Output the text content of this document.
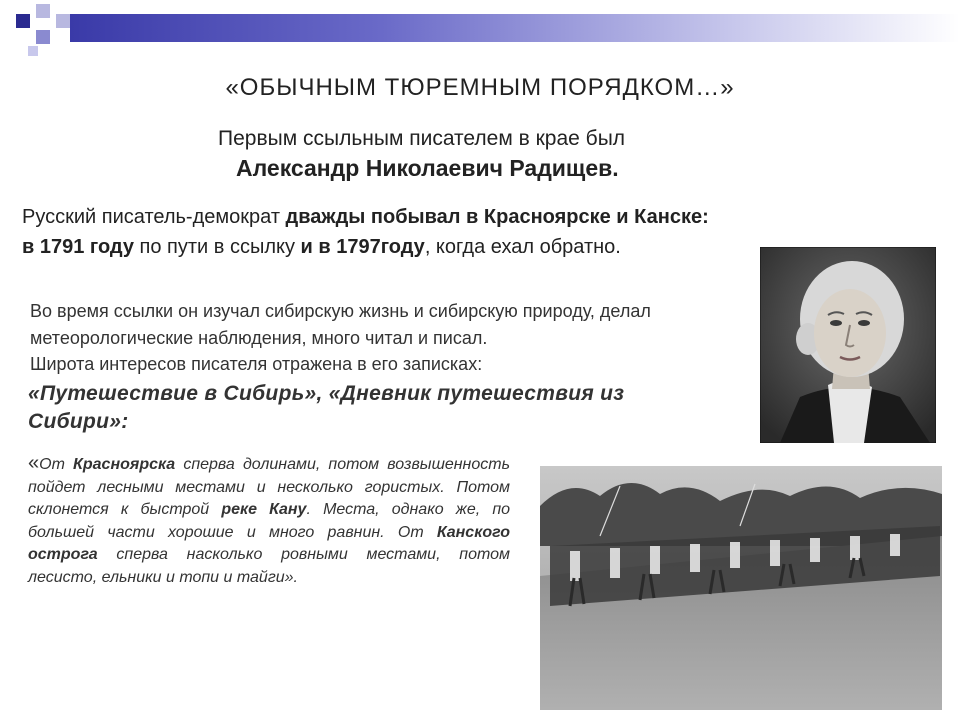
«ОБЫЧНЫМ ТЮРЕМНЫМ ПОРЯДКОМ…»
Первым ссыльным писателем в крае был
Александр Николаевич Радищев.
Русский писатель-демократ дважды побывал в Красноярске и Канске:
в 1791 году по пути в ссылку и в 1797году, когда ехал обратно.
Во время ссылки он изучал сибирскую жизнь и сибирскую природу, делал метеорологические наблюдения, много читал и писал.
Широта интересов писателя отражена в его записках:
«Путешествие в Сибирь», «Дневник путешествия из Сибири»:
«От Красноярска сперва долинами, потом возвышенность пойдет лесными местами и несколько гористых. Потом склонется к быстрой реке Кану. Места, однако же, по большей части хорошие и много равнин. От Канского острога сперва насколько ровными местами, потом лесисто, ельники и топи и тайги».
